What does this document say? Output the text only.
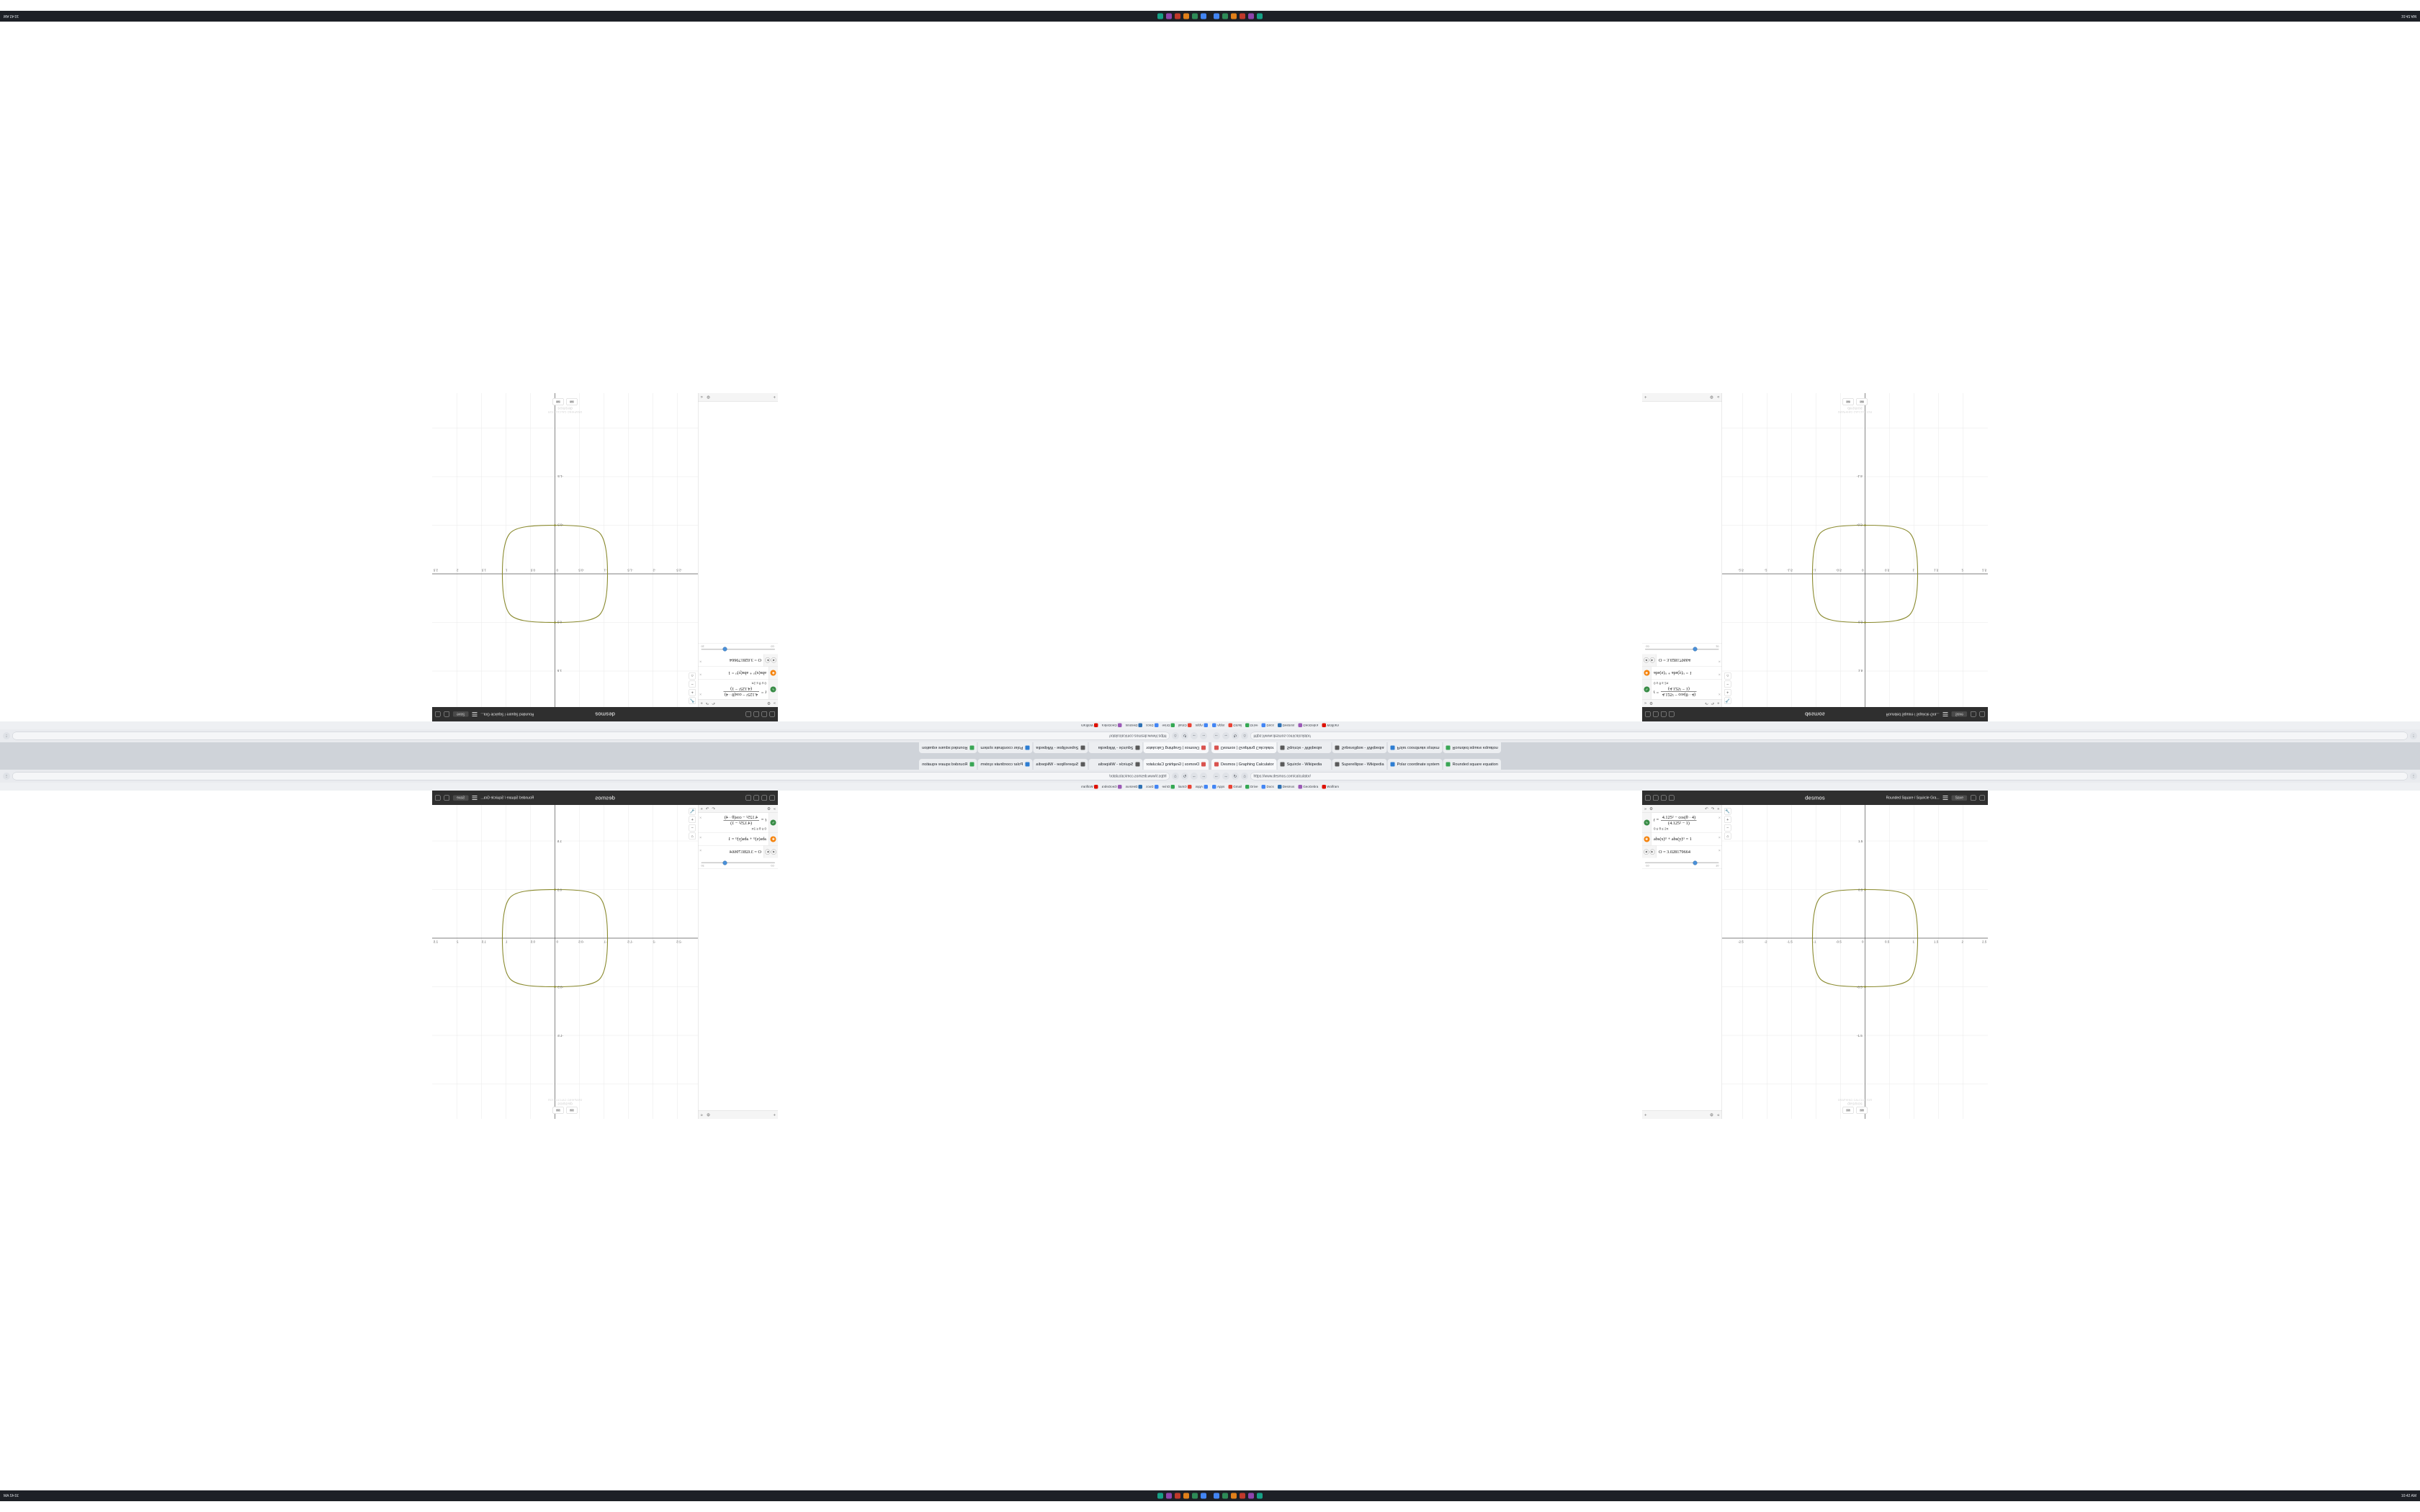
Desmos | Graphing Calculator
Squircle - Wikipedia
Superellipse - Wikipedia
Polar coordinate system
Rounded square equation
←
→
↻
⌂
https://www.desmos.com/calculator/
⋮
Apps
Gmail
Drive
Docs
Desmos
GeoGebra
Wolfram
desmos
Rounded Square / Squircle Gra...
Save
»
⚙
↶
↷
+
∿
r =
4.125² − cos(θ · 4)
(4.125² − 1)
0 ≤ θ ≤ 2π
×
◉
abs(x)ᴼ + abs(y)ᴼ = 1
×
◀
▶
O = 3.028179664
×
-10
10
+
⚙
«
-2.5
-2
-1.5
-1
-0.5
0
0.5
1
1.5
2
2.5
1.5
0.5
-0.5
-1.5
🔧
+
−
⌂
⌨
⌨
GRAPHING CALCULATOR
desmos
10:42 AM
Desmos | Graphing Calculator Squircle - Wikipedia Superellipse - Wikipedia Polar coordinate system Rounded square equation
← → ↻ ⌂	https://www.desmos.com/calculator/	⋮
Apps Gmail Drive Docs Desmos GeoGebra Wolfram
desmos	Rounded Square / Squircle Gra...	Save
» ⚙	↶ ↷ +
∿
r =
4.125² − cos(θ · 4)
(4.125² − 1)
0 ≤ θ ≤ 2π
×
◉ abs(x)ᴼ + abs(y)ᴼ = 1	×
◀ ▶ O = 3.028179664	×
-10	10
+	⚙ «
-2.5	-2	-1.5	-1	-0.5	0	0.5	1	1.5	2	2.5
1.5
0.5
-0.5
-1.5
🔧
+
−
⌂
⌨	⌨
GRAPHING CALCULATOR
desmos
10:42 AM
Desmos | Graphing Calculator
Squircle - Wikipedia
Superellipse - Wikipedia
Polar coordinate system
Rounded square equation
←
→
↻
⌂
https://www.desmos.com/calculator/
⋮
Apps
Gmail
Drive
Docs
Desmos
GeoGebra
Wolfram
desmos
Rounded Square / Squircle Gra...
Save
»
⚙
↶
↷
+
∿
r =
$\frac{\text{4.125² − cos(θ · 4)}}{\text{(4.125² − 1)}}$
0 ≤ θ ≤ 2π
×
◉
abs(x)ᴼ + abs(y)ᴼ = 1
×
◀
▶
O = 3.028179664
×
-10
10
+
⚙
«
-2.5
-2
-1.5
-1
-0.5
0
0.5
1
1.5
2
2.5
1.5
0.5
-0.5
-1.5
🔧
+
−
⌂
⌨
⌨
GRAPHING CALCULATOR
desmos
10:42 AM
Desmos | Graphing Calculator Squircle - Wikipedia Superellipse - Wikipedia Polar coordinate system Rounded square equation
← → ↻ ⌂	https://www.desmos.com/calculator/	⋮
Apps Gmail Drive Docs Desmos GeoGebra Wolfram
desmos	Rounded Square / Squircle Gra...	Save
» ⚙	↶ ↷ +
∿
$r = \frac{\text{4.125² − cos(θ · 4)}}{\text{(4.125² − 1)}}$
0 ≤ θ ≤ 2π
×
◉ abs(x)ᴼ + abs(y)ᴼ = 1	×
◀ ▶ O = 3.028179664	×
-10	10
+	⚙ «
-2.5	-2	-1.5	-1	-0.5	0	0.5	1	1.5	2	2.5
1.5
0.5
-0.5
-1.5
🔧
+
−
⌂
⌨	⌨
GRAPHING CALCULATOR
desmos
10:42 AM
